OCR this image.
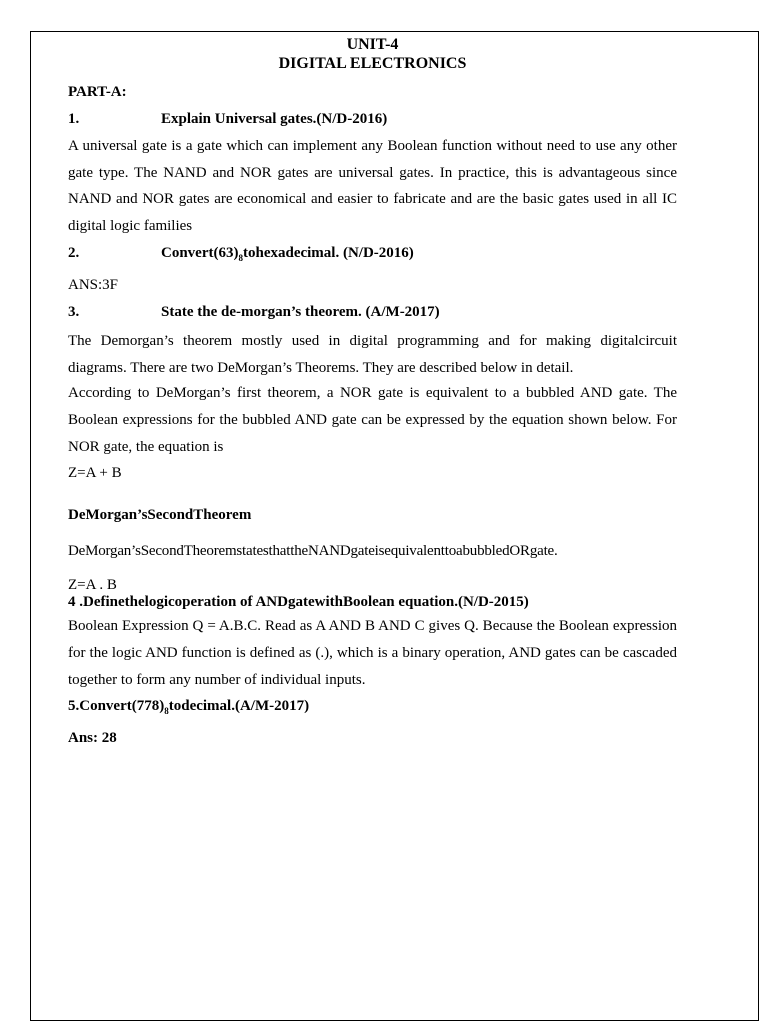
UNIT-4

DIGITAL ELECTRONICS

PART-A:

1.	Explain Universal gates.(N/D-2016)

A universal gate is a gate which can implement any Boolean function without need to use any other gate type. The NAND and NOR gates are universal gates. In practice, this is advantageous since NAND and NOR gates are economical and easier to fabricate and are the basic gates used in all IC digital logic families

2.	$Convert(63)_8tohexadecimal$. (N/D-2016)

ANS:3F

3.	State the de-morgan’s theorem. (A/M-2017)

The Demorgan’s theorem mostly used in digital programming and for making digitalcircuit diagrams. There are two DeMorgan’s Theorems. They are described below in detail.

According to DeMorgan’s first theorem, a NOR gate is equivalent to a bubbled AND gate. The Boolean expressions for the bubbled AND gate can be expressed by the equation shown below. For NOR gate, the equation is

Z=A + B

DeMorgan’sSecondTheorem

DeMorgan’sSecondTheoremstatesthattheNANDgateisequivalenttoabubbledORgate.

Z=A . B

4 .Definethelogicoperation of ANDgatewithBoolean equation.(N/D-2015)

Boolean Expression Q = A.B.C. Read as A AND B AND C gives Q. Because the Boolean expression for the logic AND function is defined as (.), which is a binary operation, AND gates can be cascaded together to form any number of individual inputs.

$5.Convert(778)_8todecimal.(A/M-2017)$

Ans: 28
